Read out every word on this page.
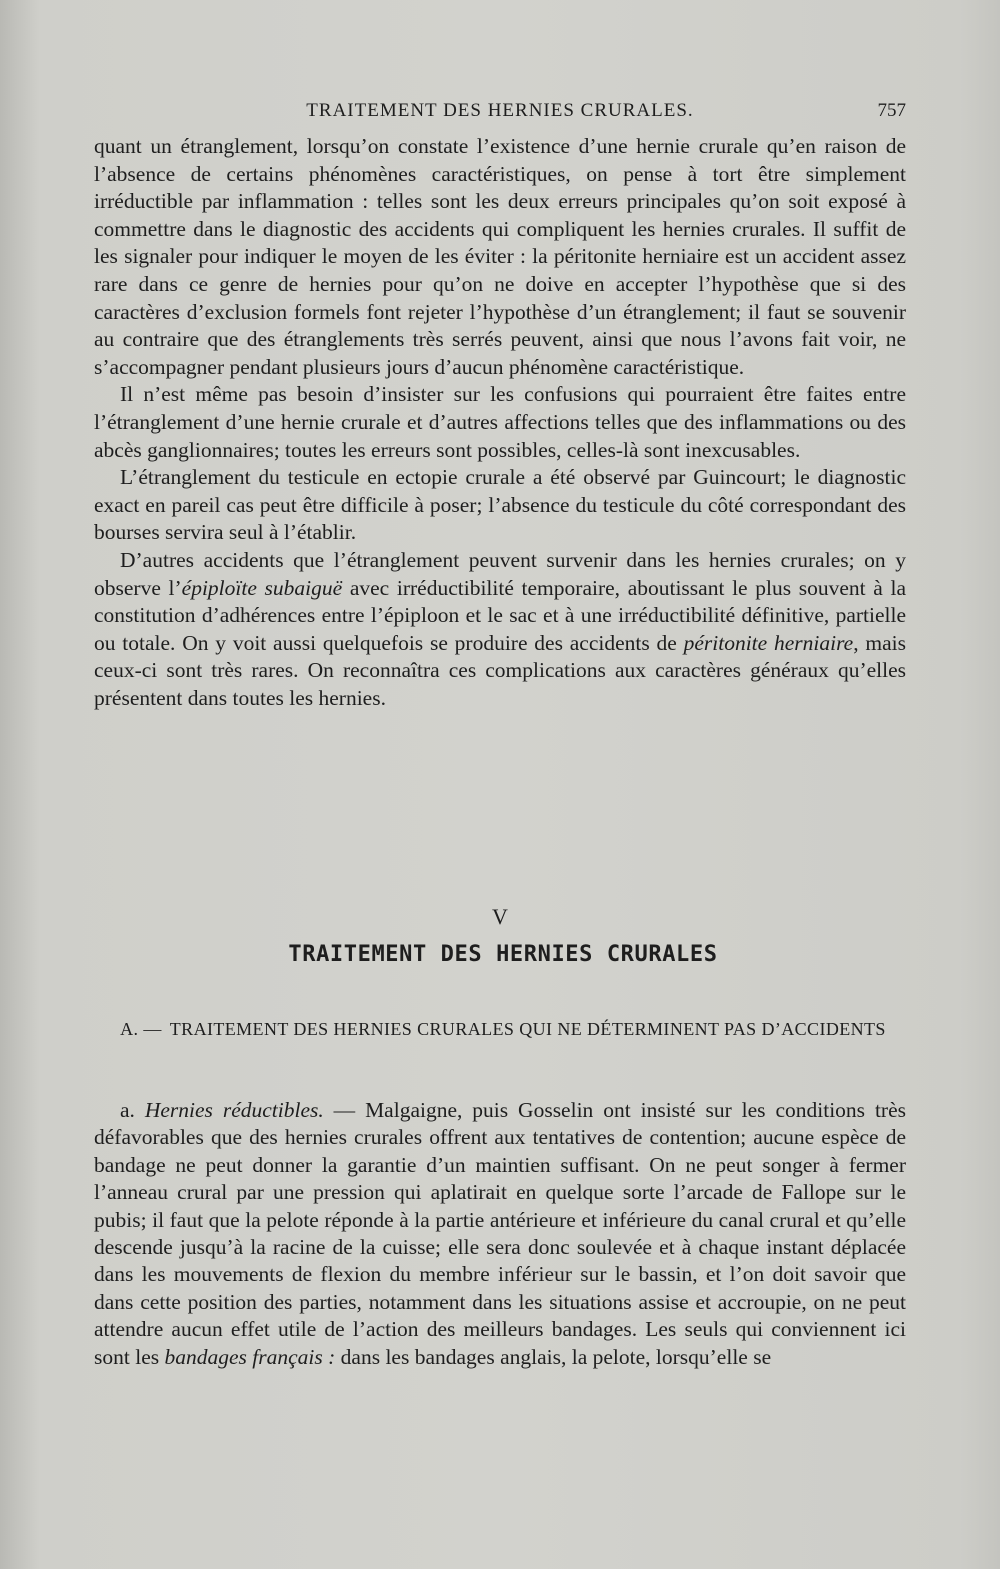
TRAITEMENT DES HERNIES CRURALES.	757

quant un étranglement, lorsqu’on constate l’existence d’une hernie crurale qu’en raison de l’absence de certains phénomènes caractéristiques, on pense à tort être simplement irréductible par inflammation : telles sont les deux erreurs principales qu’on soit exposé à commettre dans le diagnostic des accidents qui compliquent les hernies crurales. Il suffit de les signaler pour indiquer le moyen de les éviter : la péritonite herniaire est un accident assez rare dans ce genre de hernies pour qu’on ne doive en accepter l’hypothèse que si des caractères d’exclusion formels font rejeter l’hypothèse d’un étranglement; il faut se souvenir au contraire que des étranglements très serrés peuvent, ainsi que nous l’avons fait voir, ne s’accompagner pendant plusieurs jours d’aucun phénomène caractéristique.

Il n’est même pas besoin d’insister sur les confusions qui pourraient être faites entre l’étranglement d’une hernie crurale et d’autres affections telles que des inflammations ou des abcès ganglionnaires; toutes les erreurs sont possibles, celles-là sont inexcusables.

L’étranglement du testicule en ectopie crurale a été observé par Guincourt; le diagnostic exact en pareil cas peut être difficile à poser; l’absence du testicule du côté correspondant des bourses servira seul à l’établir.

D’autres accidents que l’étranglement peuvent survenir dans les hernies crurales; on y observe l’épiploïte subaiguë avec irréductibilité temporaire, aboutissant le plus souvent à la constitution d’adhérences entre l’épiploon et le sac et à une irréductibilité définitive, partielle ou totale. On y voit aussi quelquefois se produire des accidents de péritonite herniaire, mais ceux-ci sont très rares. On reconnaîtra ces complications aux caractères généraux qu’elles présentent dans toutes les hernies.

V
TRAITEMENT DES HERNIES CRURALES
A. — TRAITEMENT DES HERNIES CRURALES QUI NE DÉTERMINENT PAS D’ACCIDENTS

a. Hernies réductibles. — Malgaigne, puis Gosselin ont insisté sur les conditions très défavorables que des hernies crurales offrent aux tentatives de contention; aucune espèce de bandage ne peut donner la garantie d’un maintien suffisant. On ne peut songer à fermer l’anneau crural par une pression qui aplatirait en quelque sorte l’arcade de Fallope sur le pubis; il faut que la pelote réponde à la partie antérieure et inférieure du canal crural et qu’elle descende jusqu’à la racine de la cuisse; elle sera donc soulevée et à chaque instant déplacée dans les mouvements de flexion du membre inférieur sur le bassin, et l’on doit savoir que dans cette position des parties, notamment dans les situations assise et accroupie, on ne peut attendre aucun effet utile de l’action des meilleurs bandages. Les seuls qui conviennent ici sont les bandages français : dans les bandages anglais, la pelote, lorsqu’elle se
